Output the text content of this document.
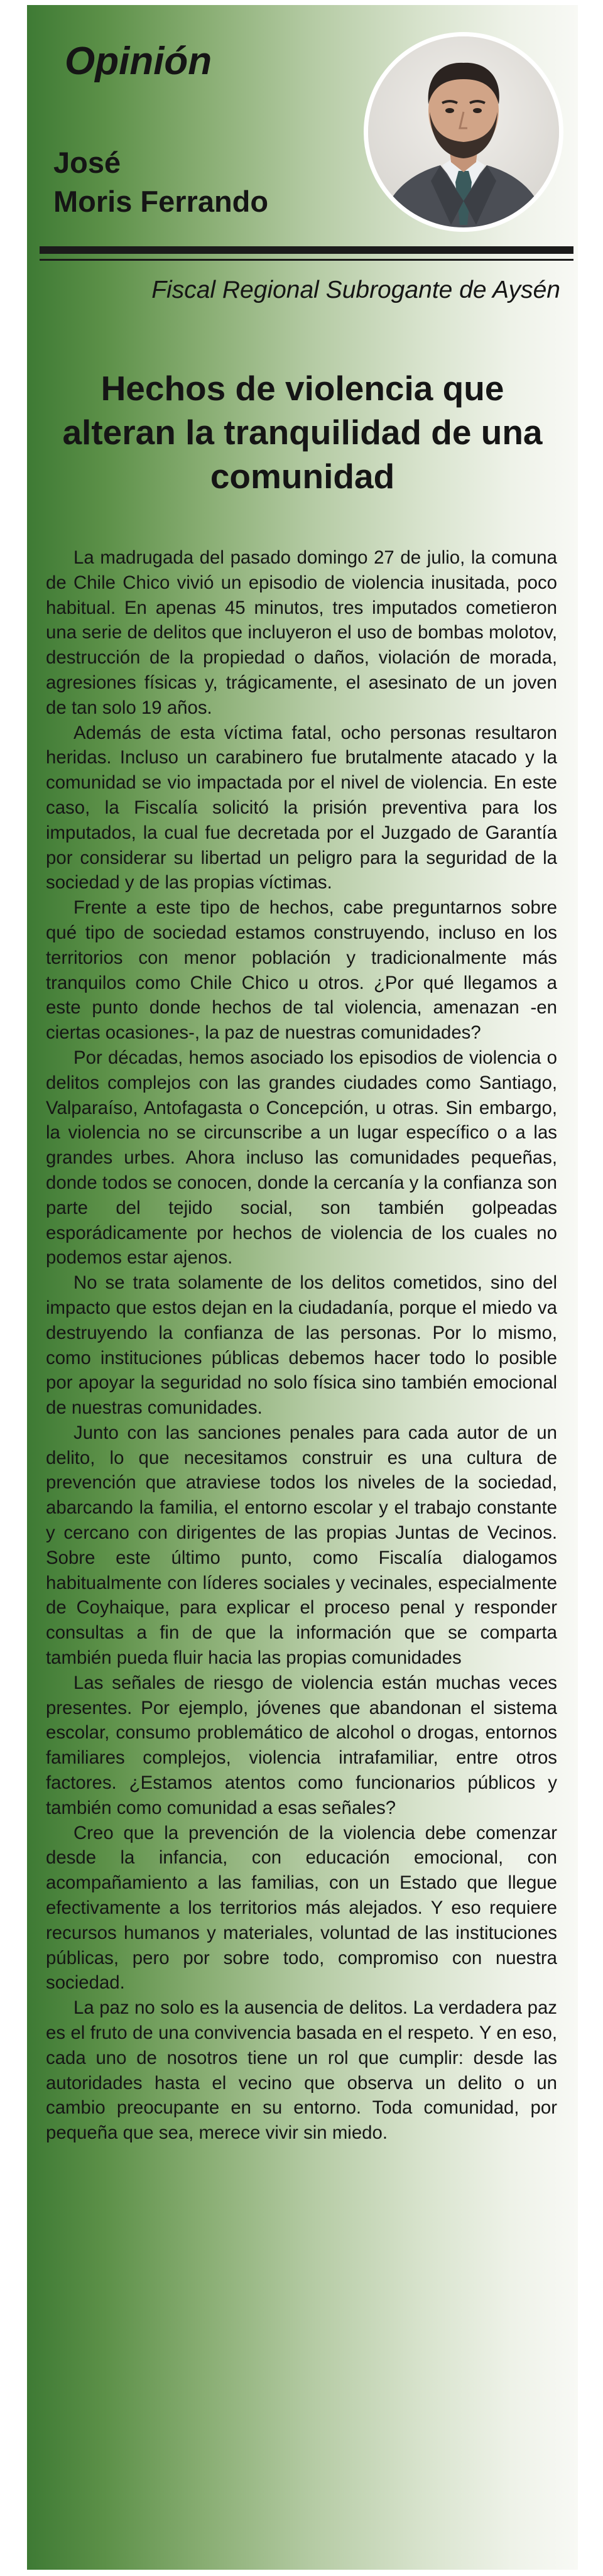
Opinión
José
Moris Ferrando

Fiscal Regional Subrogante de Aysén

Hechos de violencia que alteran la tranquilidad de una comunidad

La madrugada del pasado domingo 27 de julio, la comuna de Chile Chico vivió un episodio de violencia inusitada, poco habitual. En apenas 45 minutos, tres imputados cometieron una serie de delitos que incluyeron el uso de bombas molotov, destrucción de la propiedad o daños, violación de morada, agresiones físicas y, trágicamente, el asesinato de un joven de tan solo 19 años.

Además de esta víctima fatal, ocho personas resultaron heridas. Incluso un carabinero fue brutalmente atacado y la comunidad se vio impactada por el nivel de violencia. En este caso, la Fiscalía solicitó la prisión preventiva para los imputados, la cual fue decretada por el Juzgado de Garantía por considerar su libertad un peligro para la seguridad de la sociedad y de las propias víctimas.

Frente a este tipo de hechos, cabe preguntarnos sobre qué tipo de sociedad estamos construyendo, incluso en los territorios con menor población y tradicionalmente más tranquilos como Chile Chico u otros. ¿Por qué llegamos a este punto donde hechos de tal violencia, amenazan -en ciertas ocasiones-, la paz de nuestras comunidades?

Por décadas, hemos asociado los episodios de violencia o delitos complejos con las grandes ciudades como Santiago, Valparaíso, Antofagasta o Concepción, u otras. Sin embargo, la violencia no se circunscribe a un lugar específico o a las grandes urbes. Ahora incluso las comunidades pequeñas, donde todos se conocen, donde la cercanía y la confianza son parte del tejido social, son también golpeadas esporádicamente por hechos de violencia de los cuales no podemos estar ajenos.

No se trata solamente de los delitos cometidos, sino del impacto que estos dejan en la ciudadanía, porque el miedo va destruyendo la confianza de las personas. Por lo mismo, como instituciones públicas debemos hacer todo lo posible por apoyar la seguridad no solo física sino también emocional de nuestras comunidades.

Junto con las sanciones penales para cada autor de un delito, lo que necesitamos construir es una cultura de prevención que atraviese todos los niveles de la sociedad, abarcando la familia, el entorno escolar y el trabajo constante y cercano con dirigentes de las propias Juntas de Vecinos. Sobre este último punto, como Fiscalía dialogamos habitualmente con líderes sociales y vecinales, especialmente de Coyhaique, para explicar el proceso penal y responder consultas a fin de que la información que se comparta también pueda fluir hacia las propias comunidades

Las señales de riesgo de violencia están muchas veces presentes. Por ejemplo, jóvenes que abandonan el sistema escolar, consumo problemático de alcohol o drogas, entornos familiares complejos, violencia intrafamiliar, entre otros factores. ¿Estamos atentos como funcionarios públicos y también como comunidad a esas señales?

Creo que la prevención de la violencia debe comenzar desde la infancia, con educación emocional, con acompañamiento a las familias, con un Estado que llegue efectivamente a los territorios más alejados. Y eso requiere recursos humanos y materiales, voluntad de las instituciones públicas, pero por sobre todo, compromiso con nuestra sociedad.

La paz no solo es la ausencia de delitos. La verdadera paz es el fruto de una convivencia basada en el respeto. Y en eso, cada uno de nosotros tiene un rol que cumplir: desde las autoridades hasta el vecino que observa un delito o un cambio preocupante en su entorno. Toda comunidad, por pequeña que sea, merece vivir sin miedo.
